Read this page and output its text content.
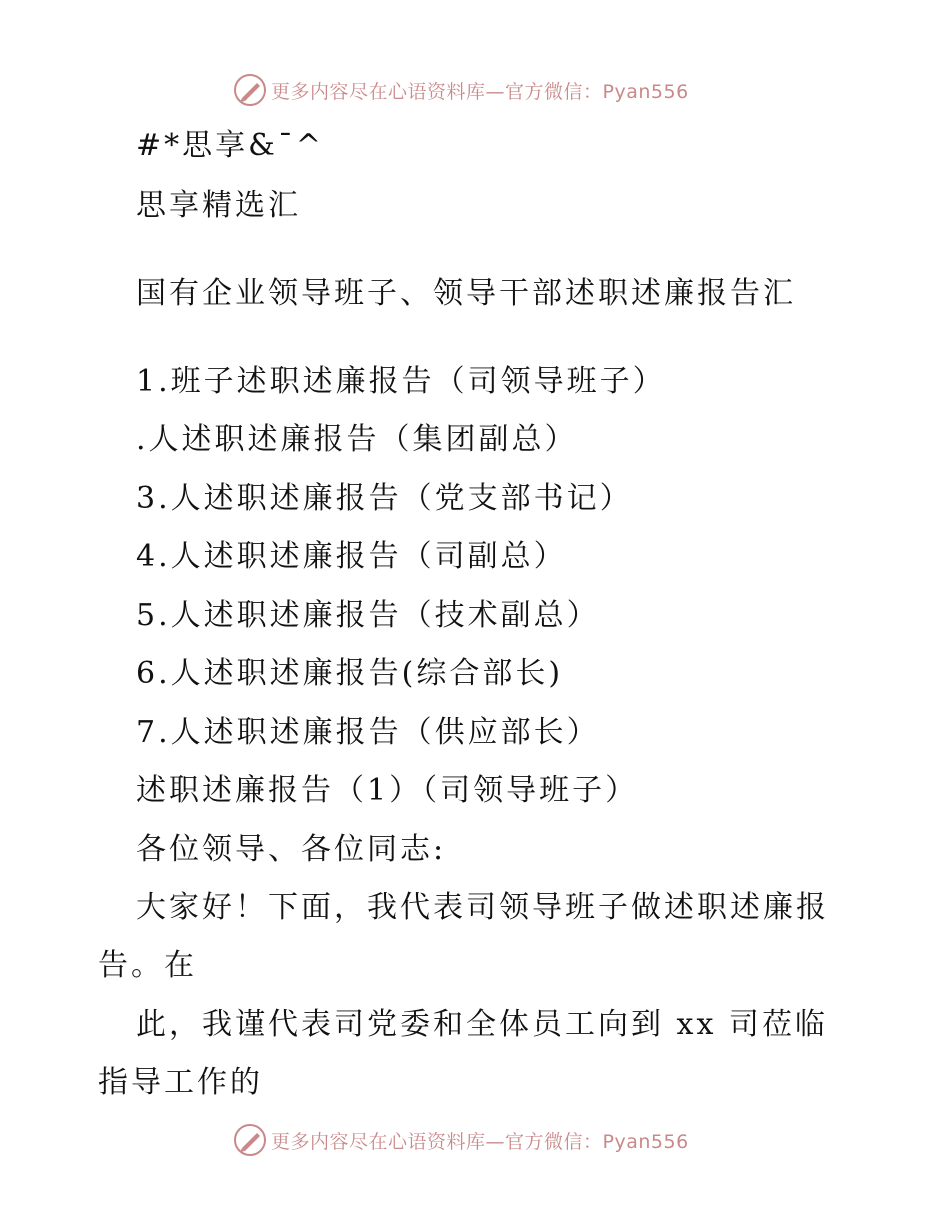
更多内容尽在心语资料库—官方微信：Pyan556
#*思享&¯^
思享精选汇
国有企业领导班子、领导干部述职述廉报告汇
1.班子述职述廉报告（司领导班子）
.人述职述廉报告（集团副总）
3.人述职述廉报告（党支部书记）
4.人述职述廉报告（司副总）
5.人述职述廉报告（技术副总）
6.人述职述廉报告(综合部长)
7.人述职述廉报告（供应部长）
述职述廉报告（1）（司领导班子）
各位领导、各位同志:
大家好！下面，我代表司领导班子做述职述廉报
告。在
此，我谨代表司党委和全体员工向到 xx 司莅临
指导工作的
更多内容尽在心语资料库—官方微信：Pyan556
